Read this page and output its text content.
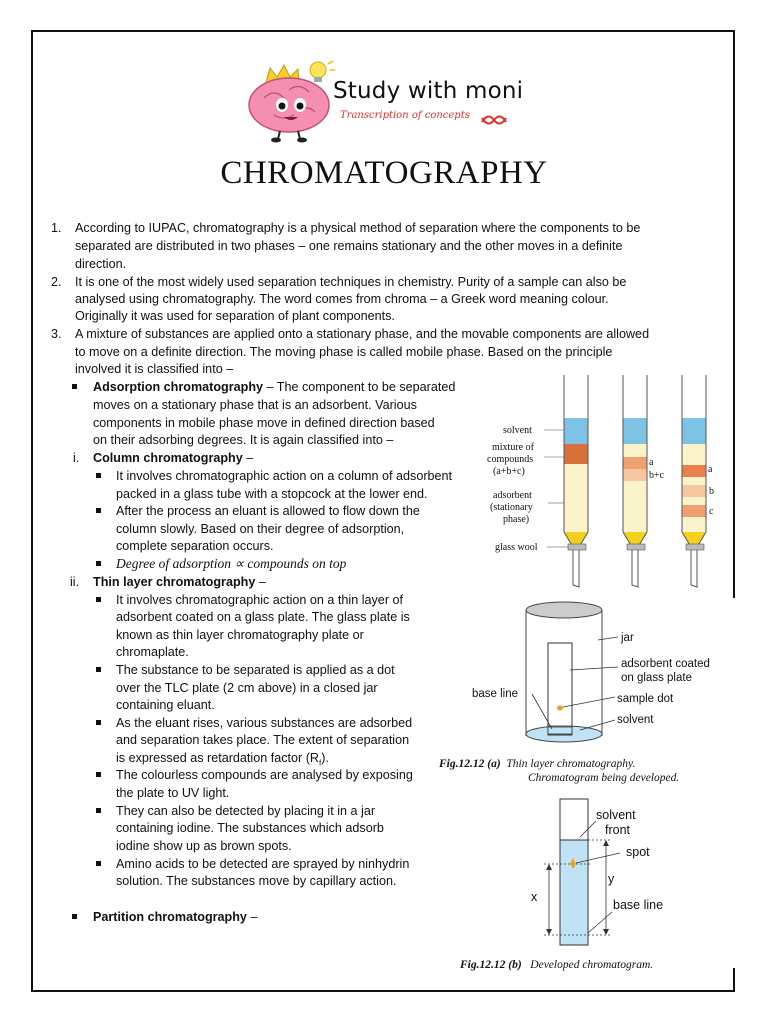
Study with moni
Transcription of concepts
CHROMATOGRAPHY
1. According to IUPAC, chromatography is a physical method of separation where the components to be
separated are distributed in two phases – one remains stationary and the other moves in a definite
direction.
2. It is one of the most widely used separation techniques in chemistry. Purity of a sample can also be
analysed using chromatography. The word comes from chroma – a Greek word meaning colour.
Originally it was used for separation of plant components.
3. A mixture of substances are applied onto a stationary phase, and the movable components are allowed
to move on a definite direction. The moving phase is called mobile phase. Based on the principle
involved it is classified into –
Adsorption chromatography – The component to be separated
moves on a stationary phase that is an adsorbent. Various
components in mobile phase move in defined direction based
on their adsorbing degrees. It is again classified into –
i. Column chromatography –
It involves chromatographic action on a column of adsorbent
packed in a glass tube with a stopcock at the lower end.
After the process an eluant is allowed to flow down the
column slowly. Based on their degree of adsorption,
complete separation occurs.
Degree of adsorption ∝ compounds on top
ii. Thin layer chromatography –
It involves chromatographic action on a thin layer of
adsorbent coated on a glass plate. The glass plate is
known as thin layer chromatography plate or
chromaplate.
The substance to be separated is applied as a dot
over the TLC plate (2 cm above) in a closed jar
containing eluant.
As the eluant rises, various substances are adsorbed
and separation takes place. The extent of separation
is expressed as retardation factor $(R_f)$.
The colourless compounds are analysed by exposing
the plate to UV light.
They can also be detected by placing it in a jar
containing iodine. The substances which adsorb
iodine show up as brown spots.
Amino acids to be detected are sprayed by ninhydrin
solution. The substances move by capillary action.
Partition chromatography –
solvent
mixture of
compounds
(a+b+c)
adsorbent
(stationary
phase)
glass wool
a
b+c
a
b
c
jar
adsorbent coated
on glass plate
base line	sample dot
solvent
Fig.12.12 (a) Thin layer chromatography.
Chromatogram being developed.
solvent
front
spot
y
x
base line
Fig.12.12 (b) Developed chromatogram.
